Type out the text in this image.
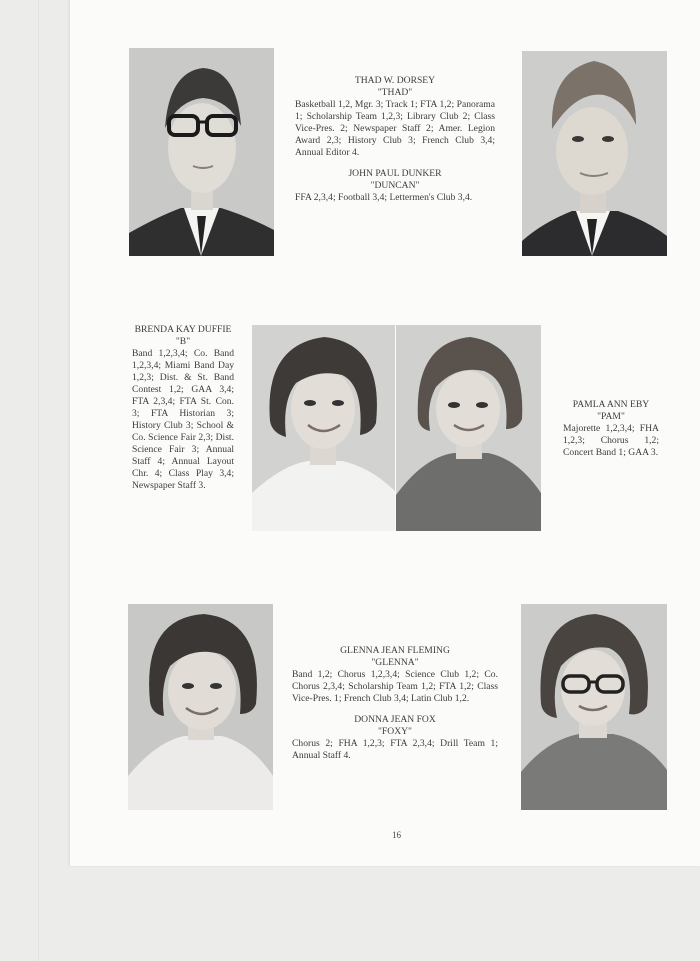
THAD W. DORSEY
"THAD"
Basketball 1,2, Mgr. 3; Track 1; FTA 1,2; Panorama 1; Scholarship Team 1,2,3; Library Club 2; Class Vice-Pres. 2; Newspaper Staff 2; Amer. Legion Award 2,3; History Club 3; French Club 3,4; Annual Editor 4.
JOHN PAUL DUNKER
"DUNCAN"
FFA 2,3,4; Football 3,4; Lettermen's Club 3,4.
BRENDA KAY DUFFIE
"B"
Band 1,2,3,4; Co. Band 1,2,3,4; Miami Band Day 1,2,3; Dist. & St. Band Contest 1,2; GAA 3,4; FTA 2,3,4; FTA St. Con. 3; FTA Historian 3; History Club 3; School & Co. Science Fair 2,3; Dist. Science Fair 3; Annual Staff 4; Annual Layout Chr. 4; Class Play 3,4; Newspaper Staff 3.
PAMLA ANN EBY
"PAM"
Majorette 1,2,3,4; FHA 1,2,3; Chorus 1,2; Concert Band 1; GAA 3.
GLENNA JEAN FLEMING
"GLENNA"
Band 1,2; Chorus 1,2,3,4; Science Club 1,2; Co. Chorus 2,3,4; Scholarship Team 1,2; FTA 1,2; Class Vice-Pres. 1; French Club 3,4; Latin Club 1,2.
DONNA JEAN FOX
"FOXY"
Chorus 2; FHA 1,2,3; FTA 2,3,4; Drill Team 1; Annual Staff 4.
16
